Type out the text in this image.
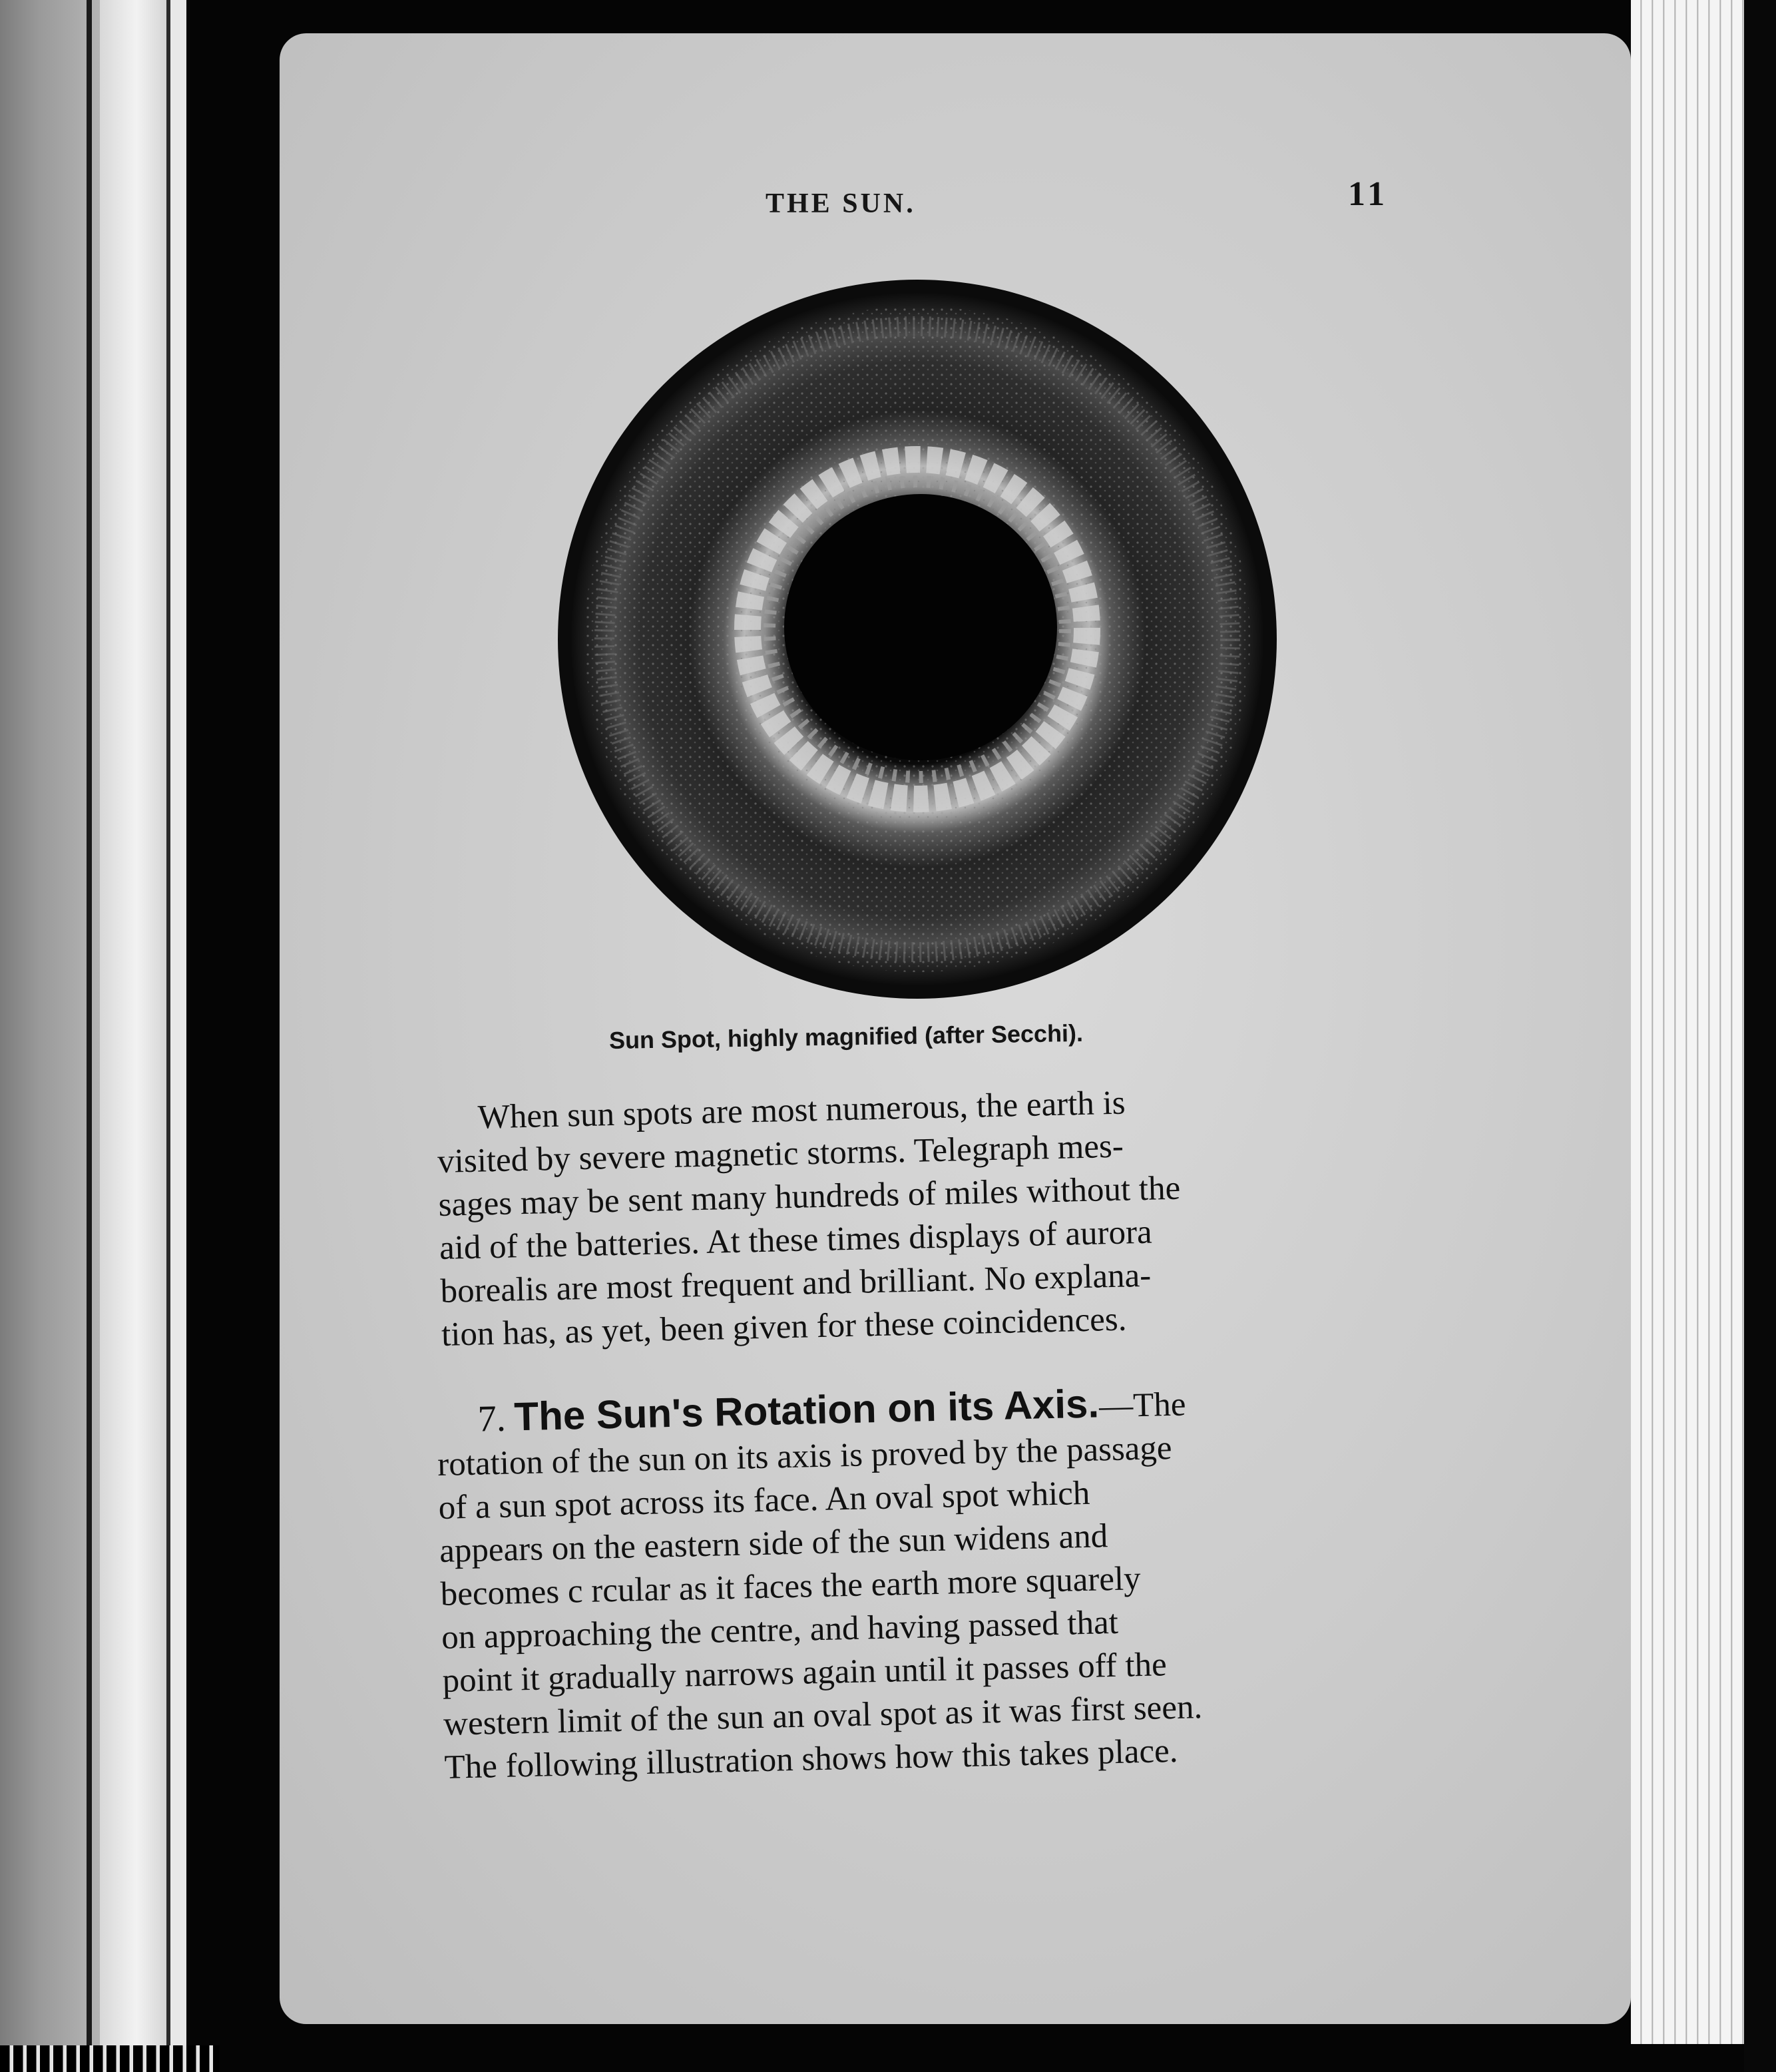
THE SUN.	11

Sun Spot, highly magnified (after Secchi).

When sun spots are most numerous, the earth is
visited by severe magnetic storms. Telegraph mes-
sages may be sent many hundreds of miles without the
aid of the batteries. At these times displays of aurora
borealis are most frequent and brilliant. No explana-
tion has, as yet, been given for these coincidences.
7. The Sun's Rotation on its Axis.—The
rotation of the sun on its axis is proved by the passage
of a sun spot across its face. An oval spot which
appears on the eastern side of the sun widens and
becomes c rcular as it faces the earth more squarely
on approaching the centre, and having passed that
point it gradually narrows again until it passes off the
western limit of the sun an oval spot as it was first seen.
The following illustration shows how this takes place.
